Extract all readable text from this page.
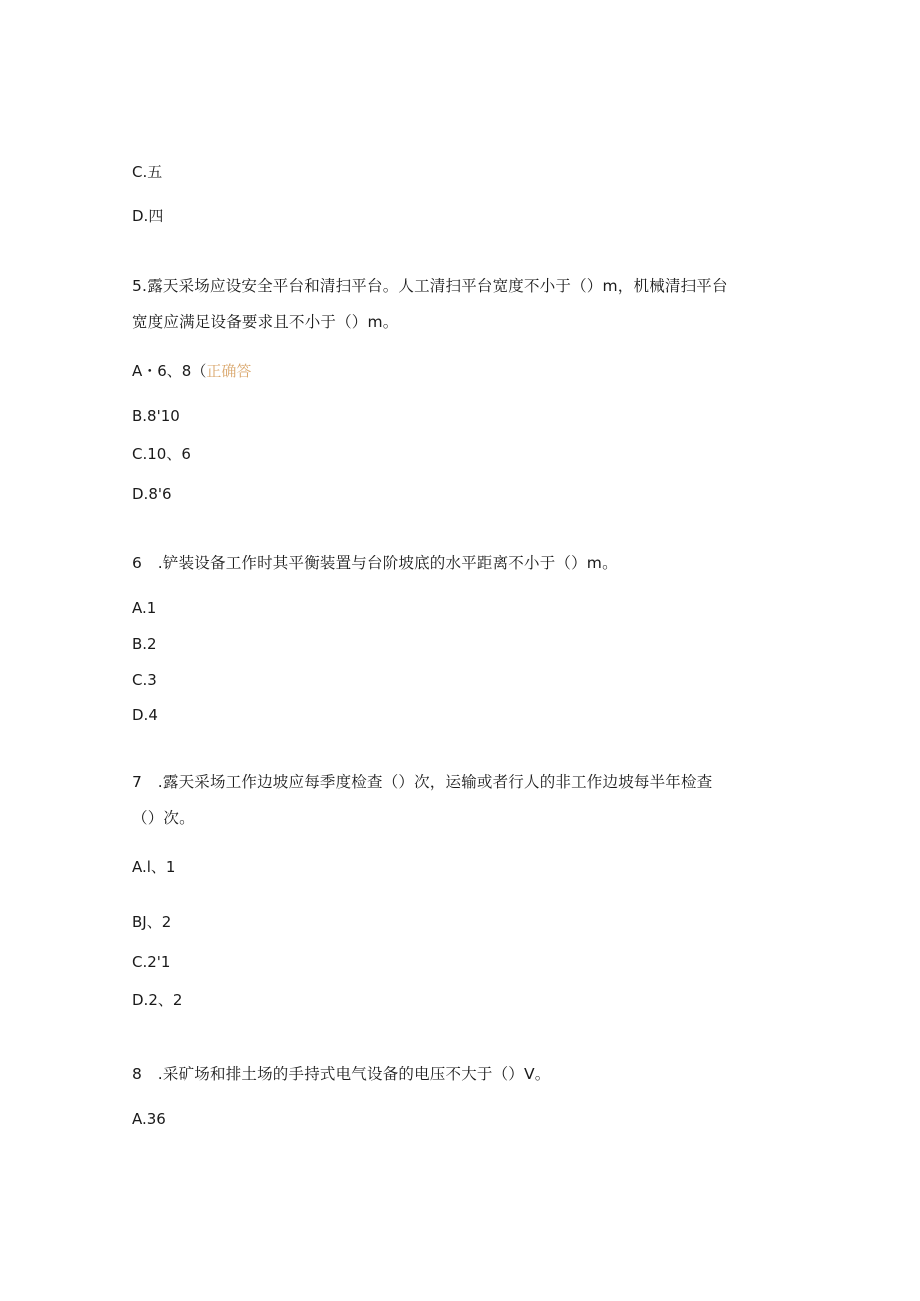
C.五
D.四
5.露天采场应设安全平台和清扫平台。人工清扫平台宽度不小于（）m，机械清扫平台
宽度应满足设备要求且不小于（）m。
A・6、8（正确答
B.8'10
C.10、6
D.8'6
6　.铲装设备工作时其平衡装置与台阶坡底的水平距离不小于（）m。
A.1
B.2
C.3
D.4
7　.露天采场工作边坡应每季度检查（）次，运输或者行人的非工作边坡每半年检查
（）次。
A.l、1
BJ、2
C.2'1
D.2、2
8　.采矿场和排土场的手持式电气设备的电压不大于（）V。
A.36
